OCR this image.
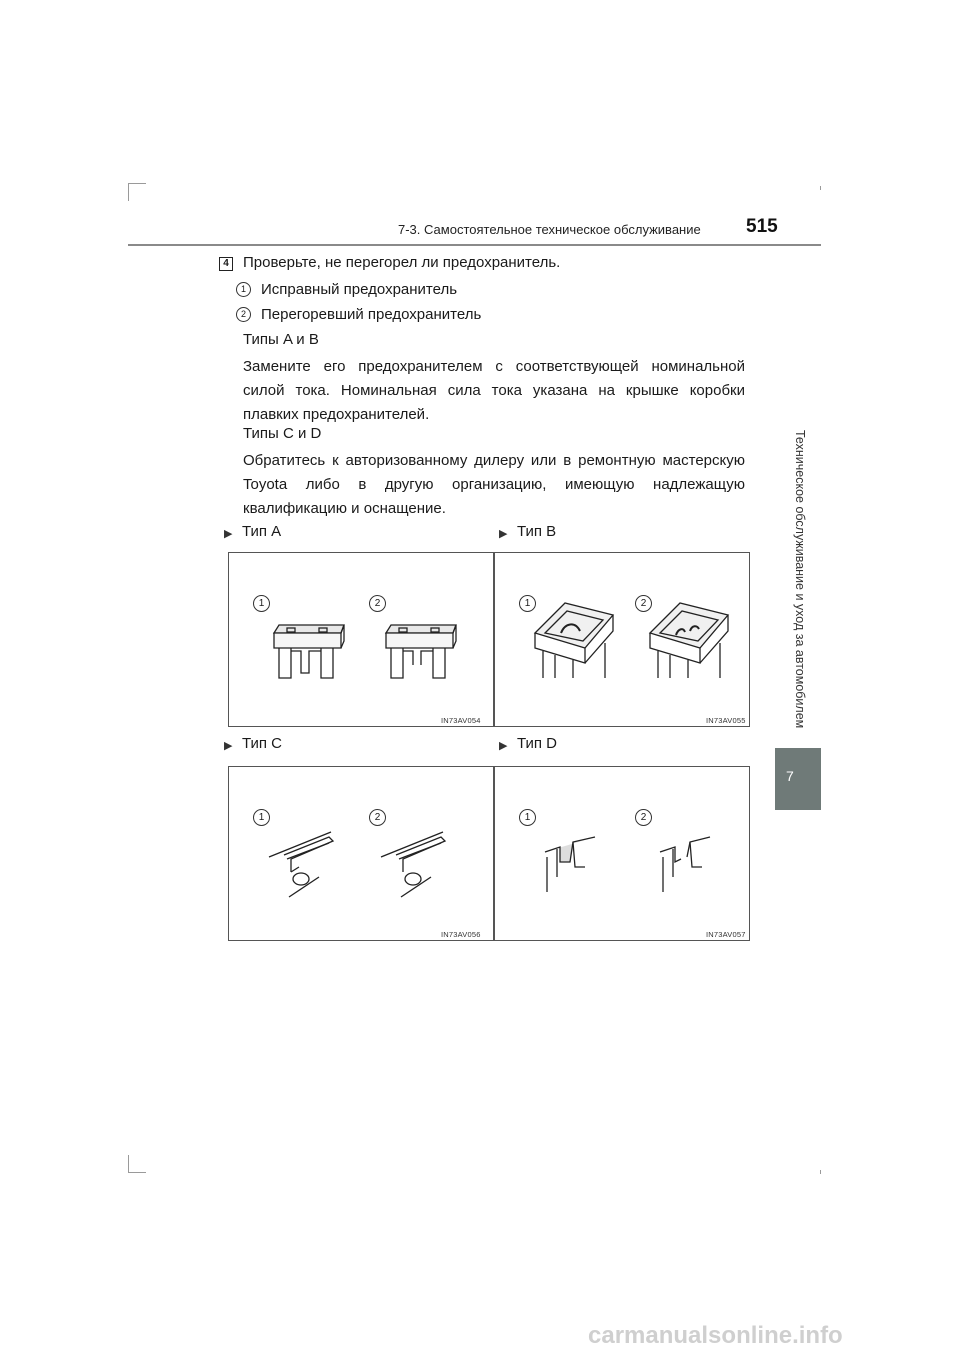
7-3. Самостоятельное техническое обслуживание 515
Техническое обслуживание и уход за автомобилем
7
4 Проверьте, не перегорел ли предохранитель.
1	Исправный предохранитель
2	Перегоревший предохранитель
Типы A и B
Замените его предохранителем с соответствующей номинальной силой тока. Номинальная сила тока указана на крышке коробки плавких предохранителей.
Типы C и D
Обратитесь к авторизованному дилеру или в ремонтную мастерскую Toyota либо в другую организацию, имеющую надлежащую квалификацию и оснащение.
▶ Тип A	▶ Тип B
▶ Тип C	▶ Тип D
1	2
IN73AV054
1	2
IN73AV055
1	2
IN73AV056
1	2
IN73AV057
carmanualsonline.info
